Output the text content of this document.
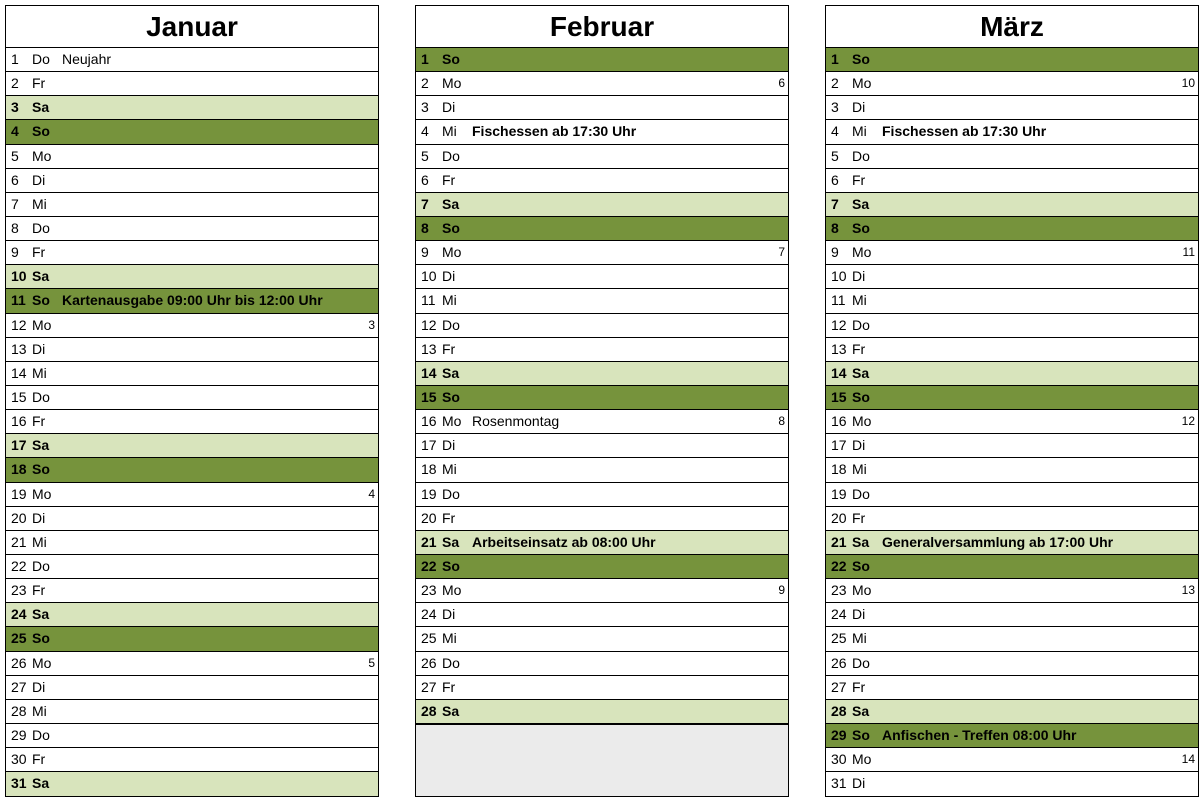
Januar
1 Do Neujahr
2 Fr
3 Sa
4 So
5 Mo
6 Di
7 Mi
8 Do
9 Fr
10 Sa
11 So Kartenausgabe 09:00 Uhr bis 12:00 Uhr
12 Mo	3
13 Di
14 Mi
15 Do
16 Fr
17 Sa
18 So
19 Mo	4
20 Di
21 Mi
22 Do
23 Fr
24 Sa
25 So
26 Mo	5
27 Di
28 Mi
29 Do
30 Fr
31 Sa
Februar
1 So
2 Mo	6
3 Di
4 Mi Fischessen ab 17:30 Uhr
5 Do
6 Fr
7 Sa
8 So
9 Mo	7
10 Di
11 Mi
12 Do
13 Fr
14 Sa
15 So
16 Mo Rosenmontag	8
17 Di
18 Mi
19 Do
20 Fr
21 Sa Arbeitseinsatz ab 08:00 Uhr
22 So
23 Mo	9
24 Di
25 Mi
26 Do
27 Fr
28 Sa
März
1 So
2 Mo	10
3 Di
4 Mi Fischessen ab 17:30 Uhr
5 Do
6 Fr
7 Sa
8 So
9 Mo	11
10 Di
11 Mi
12 Do
13 Fr
14 Sa
15 So
16 Mo	12
17 Di
18 Mi
19 Do
20 Fr
21 Sa Generalversammlung ab 17:00 Uhr
22 So
23 Mo	13
24 Di
25 Mi
26 Do
27 Fr
28 Sa
29 So Anfischen - Treffen 08:00 Uhr
30 Mo	14
31 Di
